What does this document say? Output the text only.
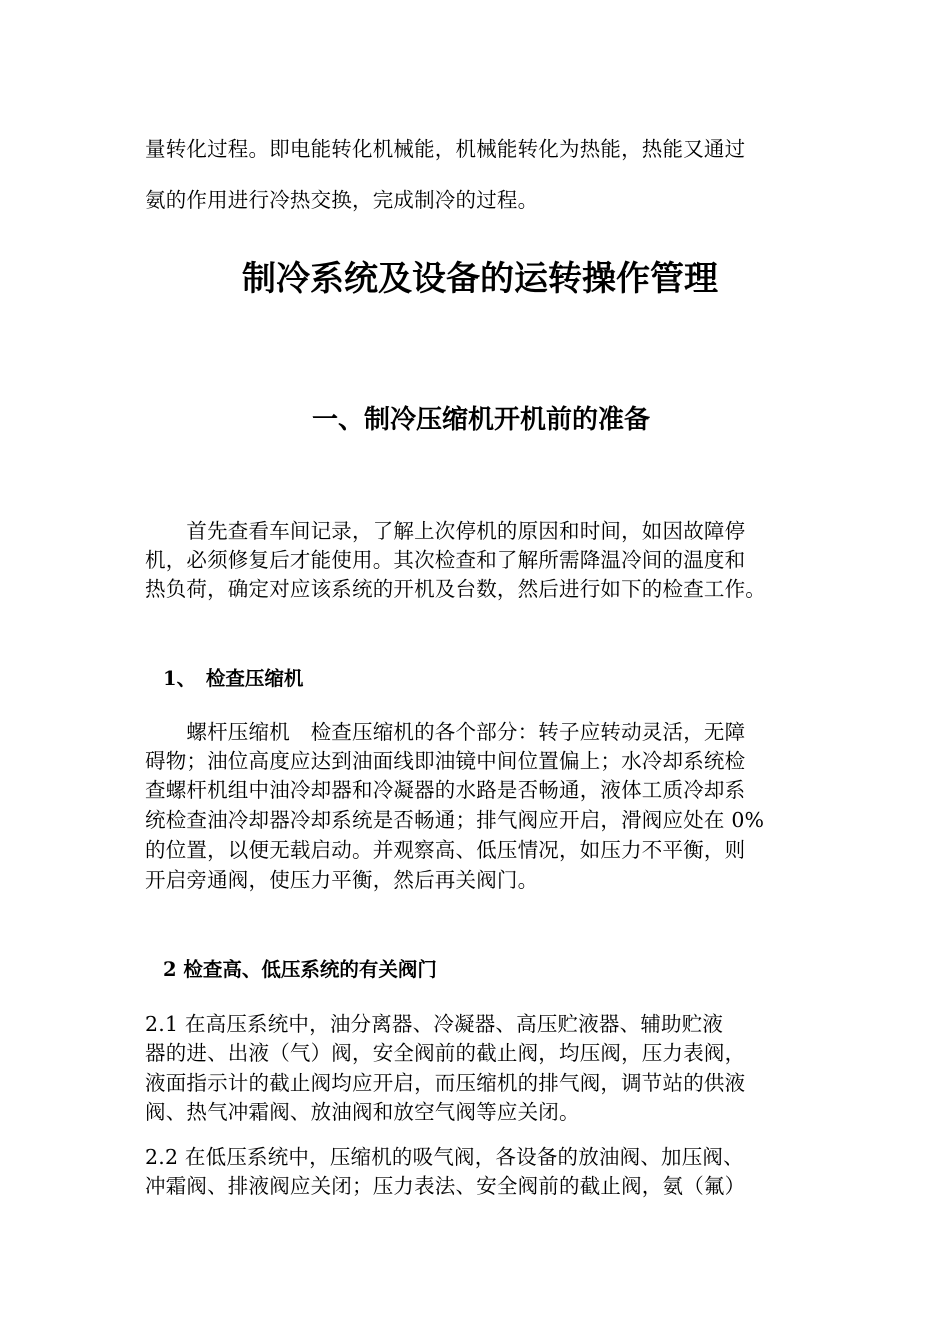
量转化过程。即电能转化机械能，机械能转化为热能，热能又通过
氨的作用进行冷热交换，完成制冷的过程。
制冷系统及设备的运转操作管理
一、制冷压缩机开机前的准备
　　首先查看车间记录，了解上次停机的原因和时间，如因故障停
机，必须修复后才能使用。其次检查和了解所需降温冷间的温度和
热负荷，确定对应该系统的开机及台数，然后进行如下的检查工作。
1、　检查压缩机
　　螺杆压缩机　检查压缩机的各个部分：转子应转动灵活，无障
碍物；油位高度应达到油面线即油镜中间位置偏上；水冷却系统检
查螺杆机组中油冷却器和冷凝器的水路是否畅通，液体工质冷却系
统检查油冷却器冷却系统是否畅通；排气阀应开启，滑阀应处在 0%
的位置，以便无载启动。并观察高、低压情况，如压力不平衡，则
开启旁通阀，使压力平衡，然后再关阀门。
2 检查高、低压系统的有关阀门
2.1 在高压系统中，油分离器、冷凝器、高压贮液器、辅助贮液
器的进、出液（气）阀，安全阀前的截止阀，均压阀，压力表阀，
液面指示计的截止阀均应开启，而压缩机的排气阀，调节站的供液
阀、热气冲霜阀、放油阀和放空气阀等应关闭。
2.2 在低压系统中，压缩机的吸气阀，各设备的放油阀、加压阀、
冲霜阀、排液阀应关闭；压力表法、安全阀前的截止阀，氨（氟）
